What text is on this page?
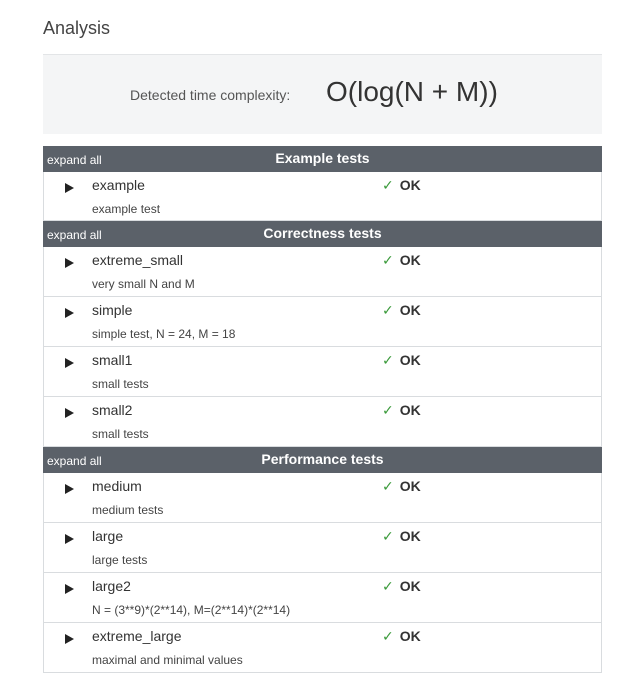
Analysis
Detected time complexity: O(log(N + M))
expand all	Example tests
example
example test
✓ OK
expand all	Correctness tests
extreme_small
very small N and M
✓ OK
simple
simple test, N = 24, M = 18
✓ OK
small1
small tests
✓ OK
small2
small tests
✓ OK
expand all	Performance tests
medium
medium tests
✓ OK
large
large tests
✓ OK
large2
N = (3**9)*(2**14), M=(2**14)*(2**14)
✓ OK
extreme_large
maximal and minimal values
✓ OK
